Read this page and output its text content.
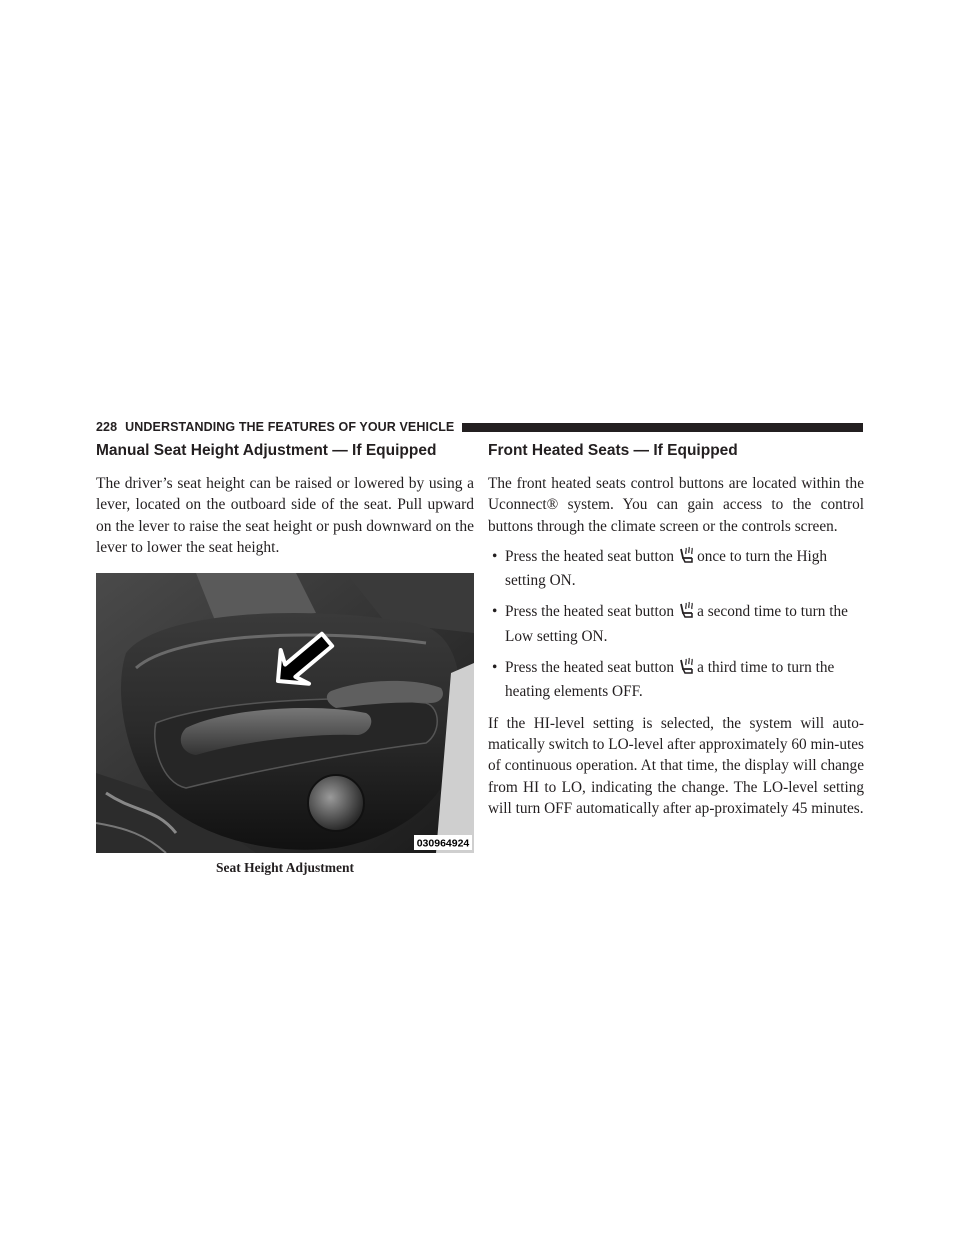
228 UNDERSTANDING THE FEATURES OF YOUR VEHICLE
Manual Seat Height Adjustment — If Equipped

The driver’s seat height can be raised or lowered by using a lever, located on the outboard side of the seat. Pull upward on the lever to raise the seat height or push downward on the lever to lower the seat height.

030964924
Seat Height Adjustment
Front Heated Seats — If Equipped

The front heated seats control buttons are located within the Uconnect® system. You can gain access to the control buttons through the climate screen or the controls screen.

• Press the heated seat button once to turn the High setting ON.
• Press the heated seat button a second time to turn the Low setting ON.
• Press the heated seat button a third time to turn the heating elements OFF.

If the HI-level setting is selected, the system will auto-matically switch to LO-level after approximately 60 min-utes of continuous operation. At that time, the display will change from HI to LO, indicating the change. The LO-level setting will turn OFF automatically after ap-proximately 45 minutes.
